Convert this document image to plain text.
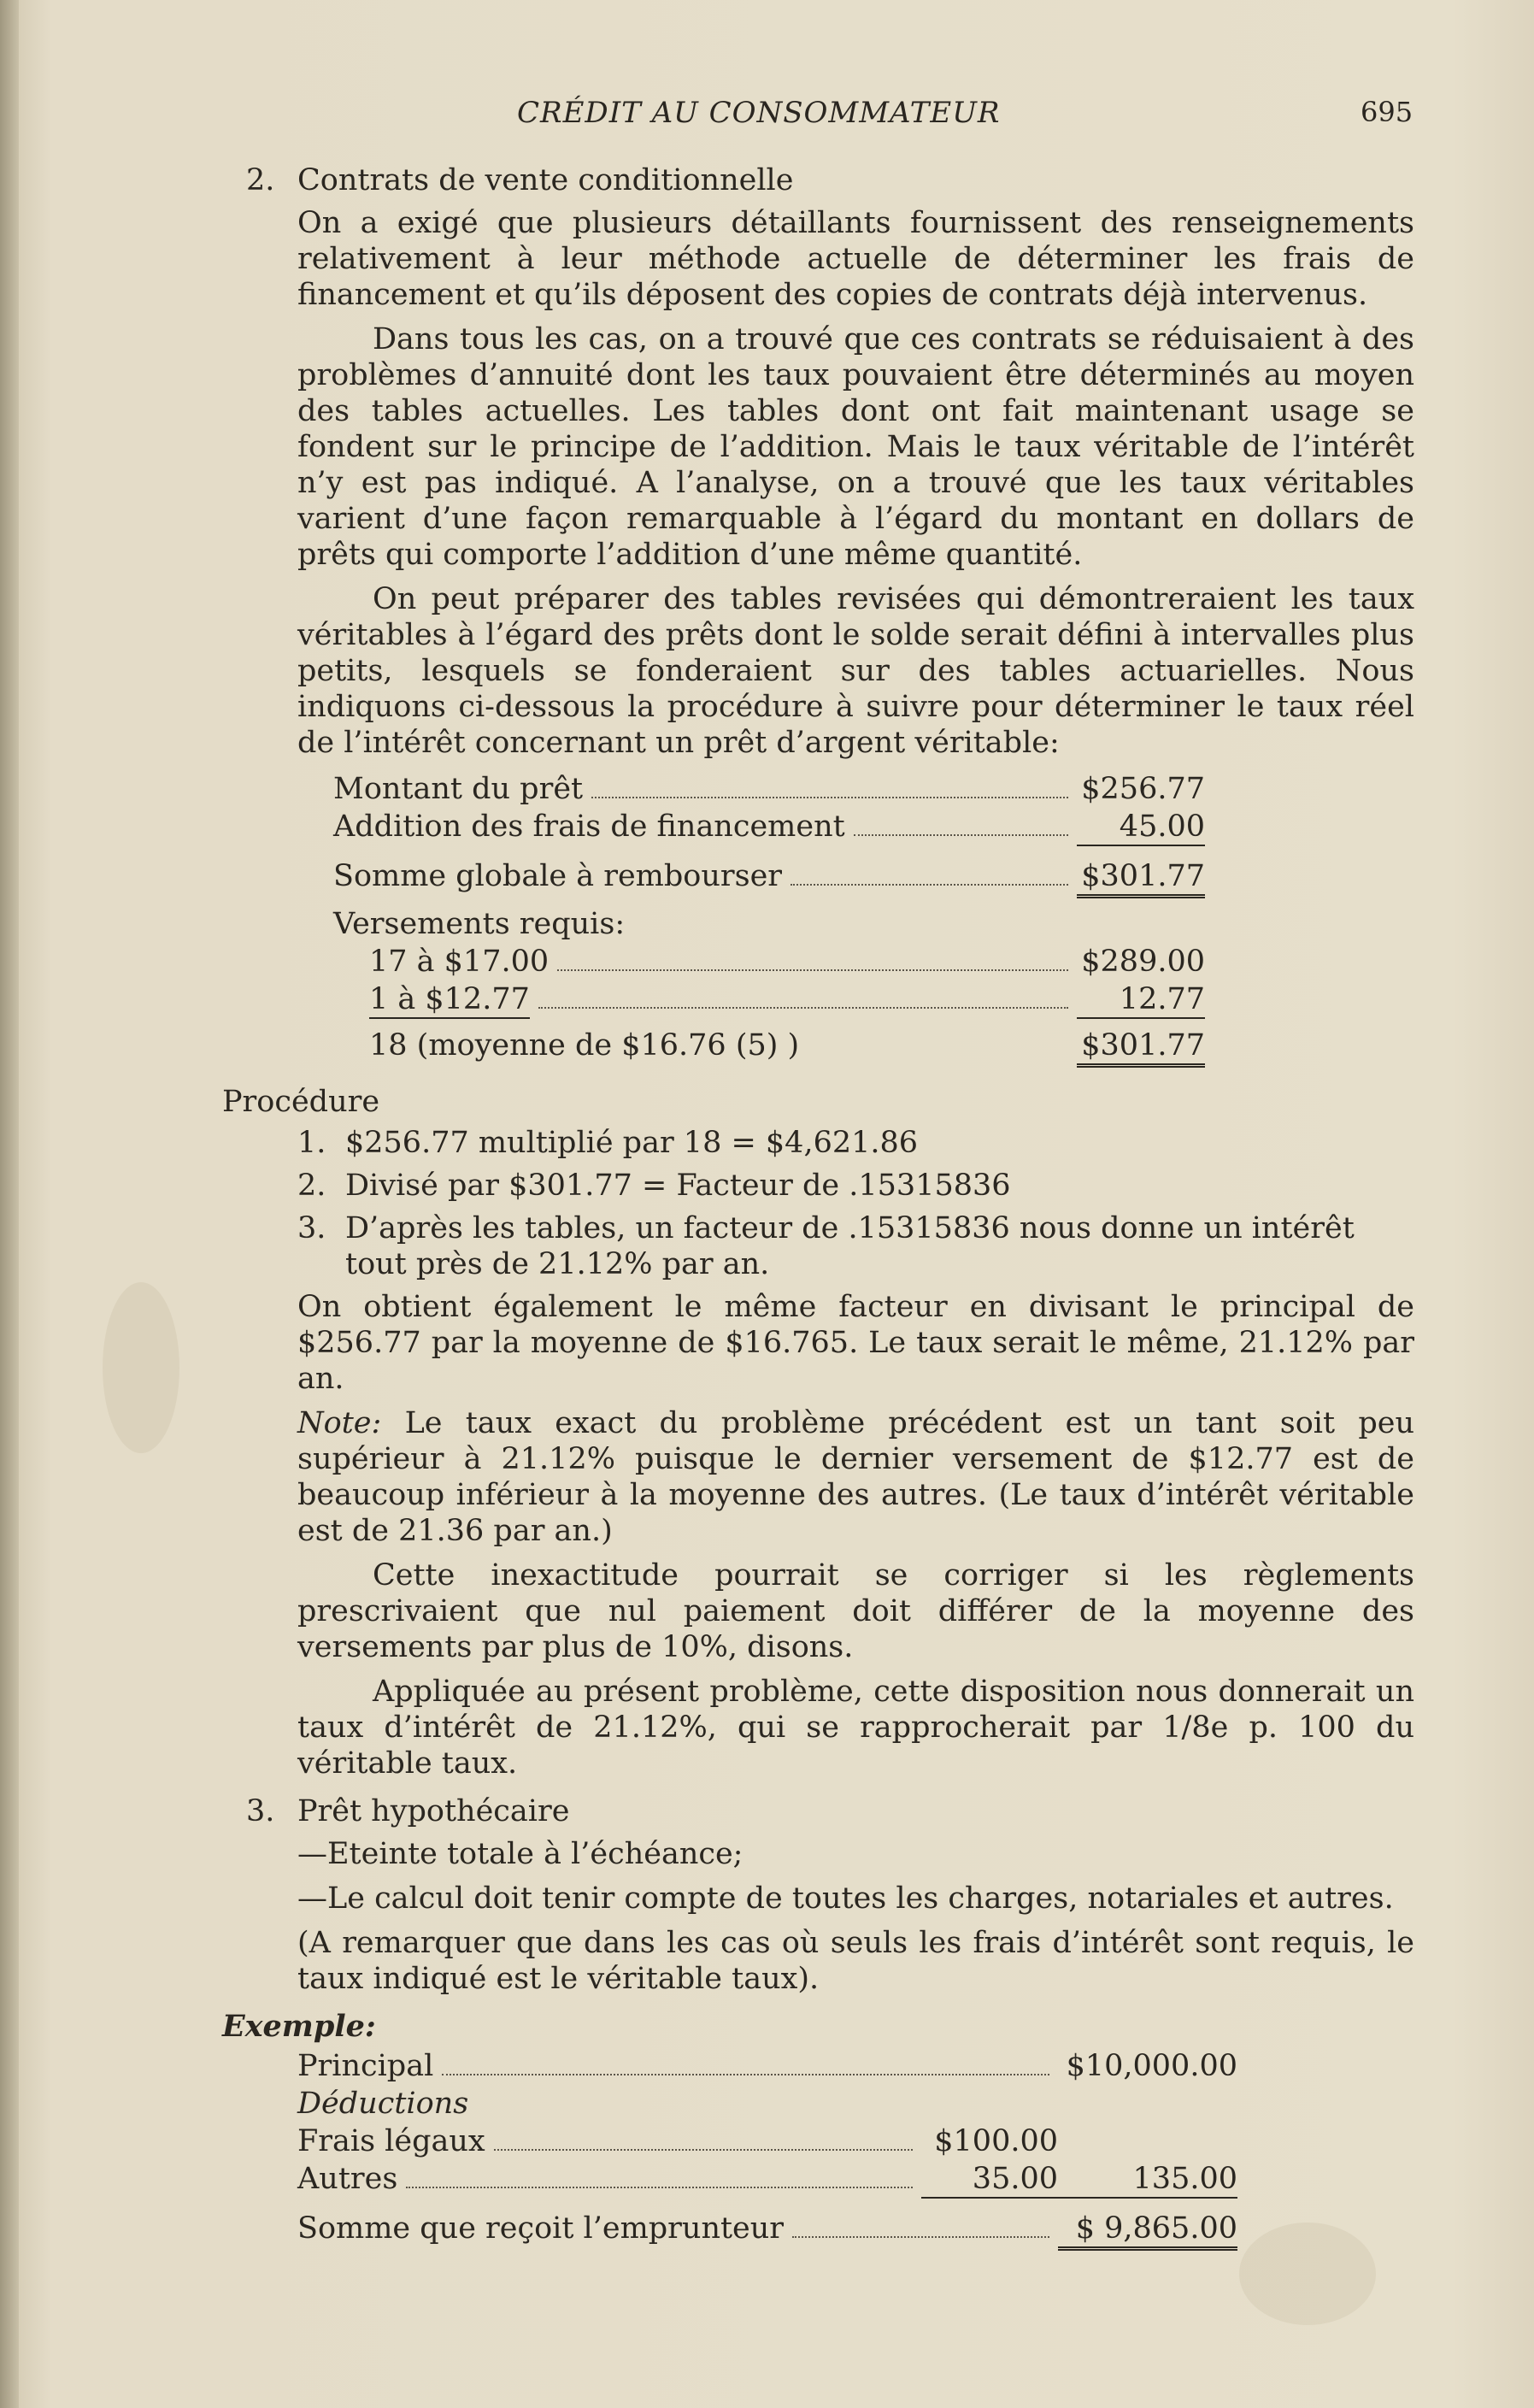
CRÉDIT AU CONSOMMATEUR	695
2. Contrats de vente conditionnelle

On a exigé que plusieurs détaillants fournissent des renseignements relativement à leur méthode actuelle de déterminer les frais de financement et qu’ils déposent des copies de contrats déjà intervenus.

Dans tous les cas, on a trouvé que ces contrats se réduisaient à des problèmes d’annuité dont les taux pouvaient être déterminés au moyen des tables actuelles. Les tables dont ont fait maintenant usage se fondent sur le principe de l’addition. Mais le taux véritable de l’intérêt n’y est pas indiqué. A l’analyse, on a trouvé que les taux véritables varient d’une façon remarquable à l’égard du montant en dollars de prêts qui comporte l’addition d’une même quantité.

On peut préparer des tables revisées qui démontreraient les taux véritables à l’égard des prêts dont le solde serait défini à intervalles plus petits, lesquels se fonderaient sur des tables actuarielles. Nous indiquons ci-dessous la procédure à suivre pour déterminer le taux réel de l’intérêt concernant un prêt d’argent véritable:

Montant du prêt	$256.77
Addition des frais de financement	45.00
Somme globale à rembourser	$301.77
Versements requis:
17 à $17.00	$289.00
1 à $12.77	12.77
18 (moyenne de $16.76 (5) )	$301.77
Procédure
1. $256.77 multiplié par 18 = $4,621.86
2. Divisé par $301.77 = Facteur de .15315836
3. D’après les tables, un facteur de .15315836 nous donne un intérêt tout près de 21.12% par an.

On obtient également le même facteur en divisant le principal de $256.77 par la moyenne de $16.765. Le taux serait le même, 21.12% par an.

Note: Le taux exact du problème précédent est un tant soit peu supérieur à 21.12% puisque le dernier versement de $12.77 est de beaucoup inférieur à la moyenne des autres. (Le taux d’intérêt véritable est de 21.36 par an.)

Cette inexactitude pourrait se corriger si les règlements prescrivaient que nul paiement doit différer de la moyenne des versements par plus de 10%, disons.

Appliquée au présent problème, cette disposition nous donnerait un taux d’intérêt de 21.12%, qui se rapprocherait par 1/8e p. 100 du véritable taux.

3. Prêt hypothécaire

—Eteinte totale à l’échéance;

—Le calcul doit tenir compte de toutes les charges, notariales et autres.

(A remarquer que dans les cas où seuls les frais d’intérêt sont requis, le taux indiqué est le véritable taux).

Exemple:
Principal	$10,000.00
Déductions
Frais légaux	$100.00
Autres	35.00	135.00
Somme que reçoit l’emprunteur	$ 9,865.00
